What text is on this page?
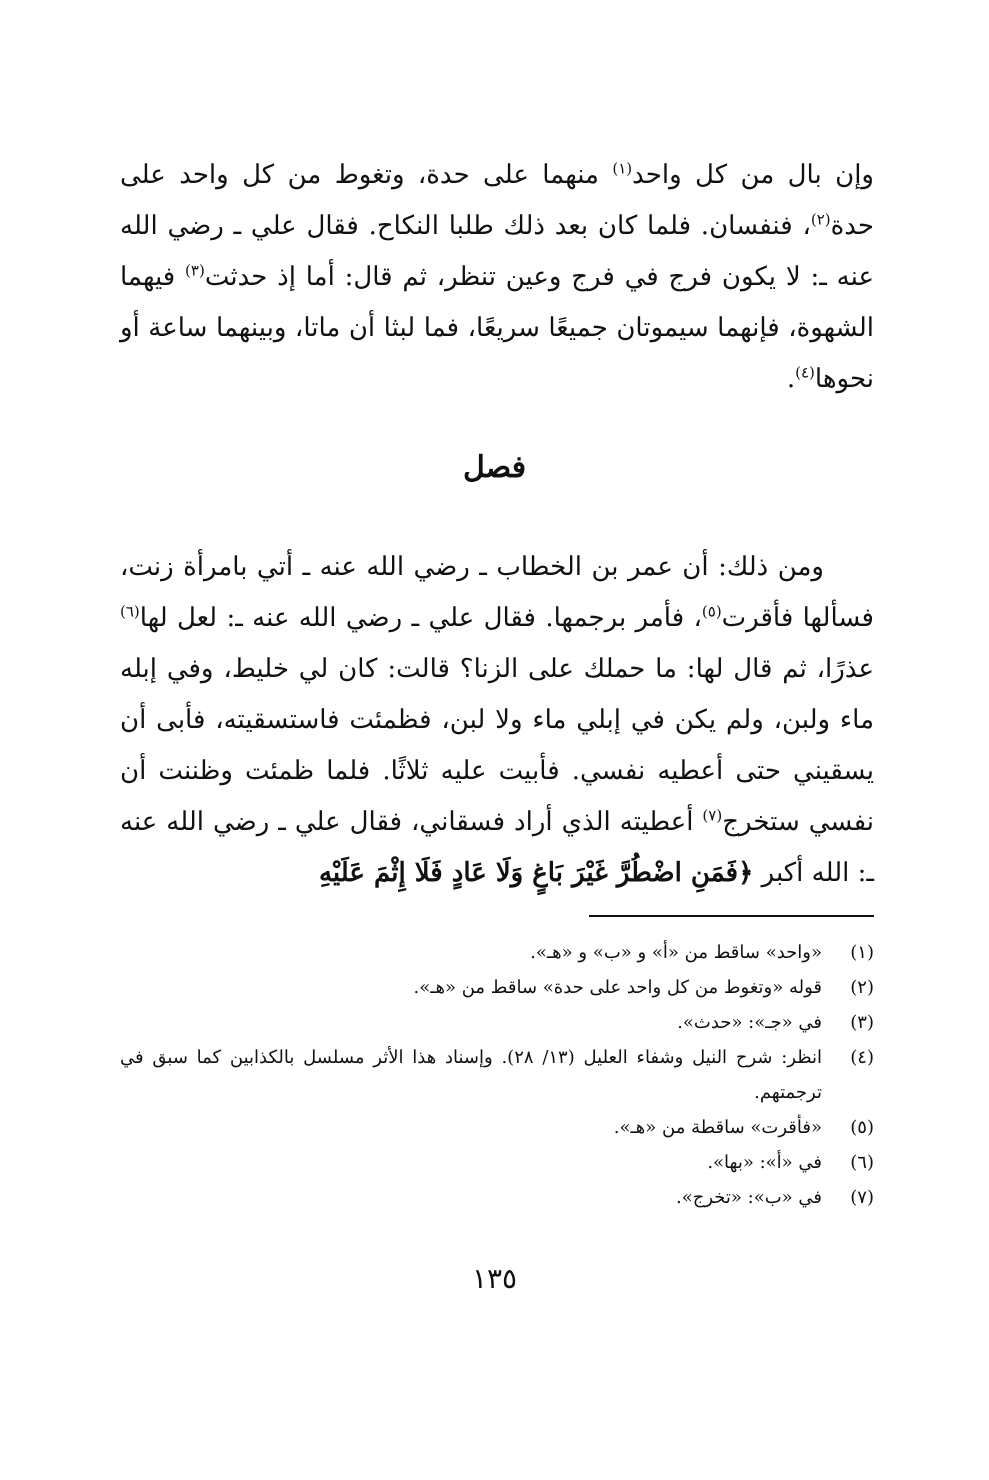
وإن بال من كل واحد$^{(١)}$ منهما على حدة، وتغوط من كل واحد على حدة$^{(٢)}$، فنفسان. فلما كان بعد ذلك طلبا النكاح. فقال علي ـ رضي الله عنه ـ: لا يكون فرج في فرج وعين تنظر، ثم قال: أما إذ حدثت$^{(٣)}$ فيهما الشهوة، فإنهما سيموتان جميعًا سريعًا، فما لبثا أن ماتا، وبينهما ساعة أو نحوها$^{(٤)}$.

فصل

ومن ذلك: أن عمر بن الخطاب ـ رضي الله عنه ـ أتي بامرأة زنت، فسألها فأقرت$^{(٥)}$، فأمر برجمها. فقال علي ـ رضي الله عنه ـ: لعل لها$^{(٦)}$ عذرًا، ثم قال لها: ما حملك على الزنا؟ قالت: كان لي خليط، وفي إبله ماء ولبن، ولم يكن في إبلي ماء ولا لبن، فظمئت فاستسقيته، فأبى أن يسقيني حتى أعطيه نفسي. فأبيت عليه ثلاثًا. فلما ظمئت وظننت أن نفسي ستخرج$^{(٧)}$ أعطيته الذي أراد فسقاني، فقال علي ـ رضي الله عنه ـ: الله أكبر ﴿فَمَنِ اضْطُرَّ غَيْرَ بَاغٍ وَلَا عَادٍ فَلَا إِثْمَ عَلَيْهِ

(١)
«واحد» ساقط من «أ» و «ب» و «هـ».
(٢)
قوله «وتغوط من كل واحد على حدة» ساقط من «هـ».
(٣)
في «جـ»: «حدث».
(٤)
انظر: شرح النيل وشفاء العليل (١٣/ ٢٨). وإسناد هذا الأثر مسلسل بالكذابين كما سبق في ترجمتهم.
(٥)
«فأقرت» ساقطة من «هـ».
(٦)
في «أ»: «بها».
(٧)
في «ب»: «تخرج».
١٣٥
